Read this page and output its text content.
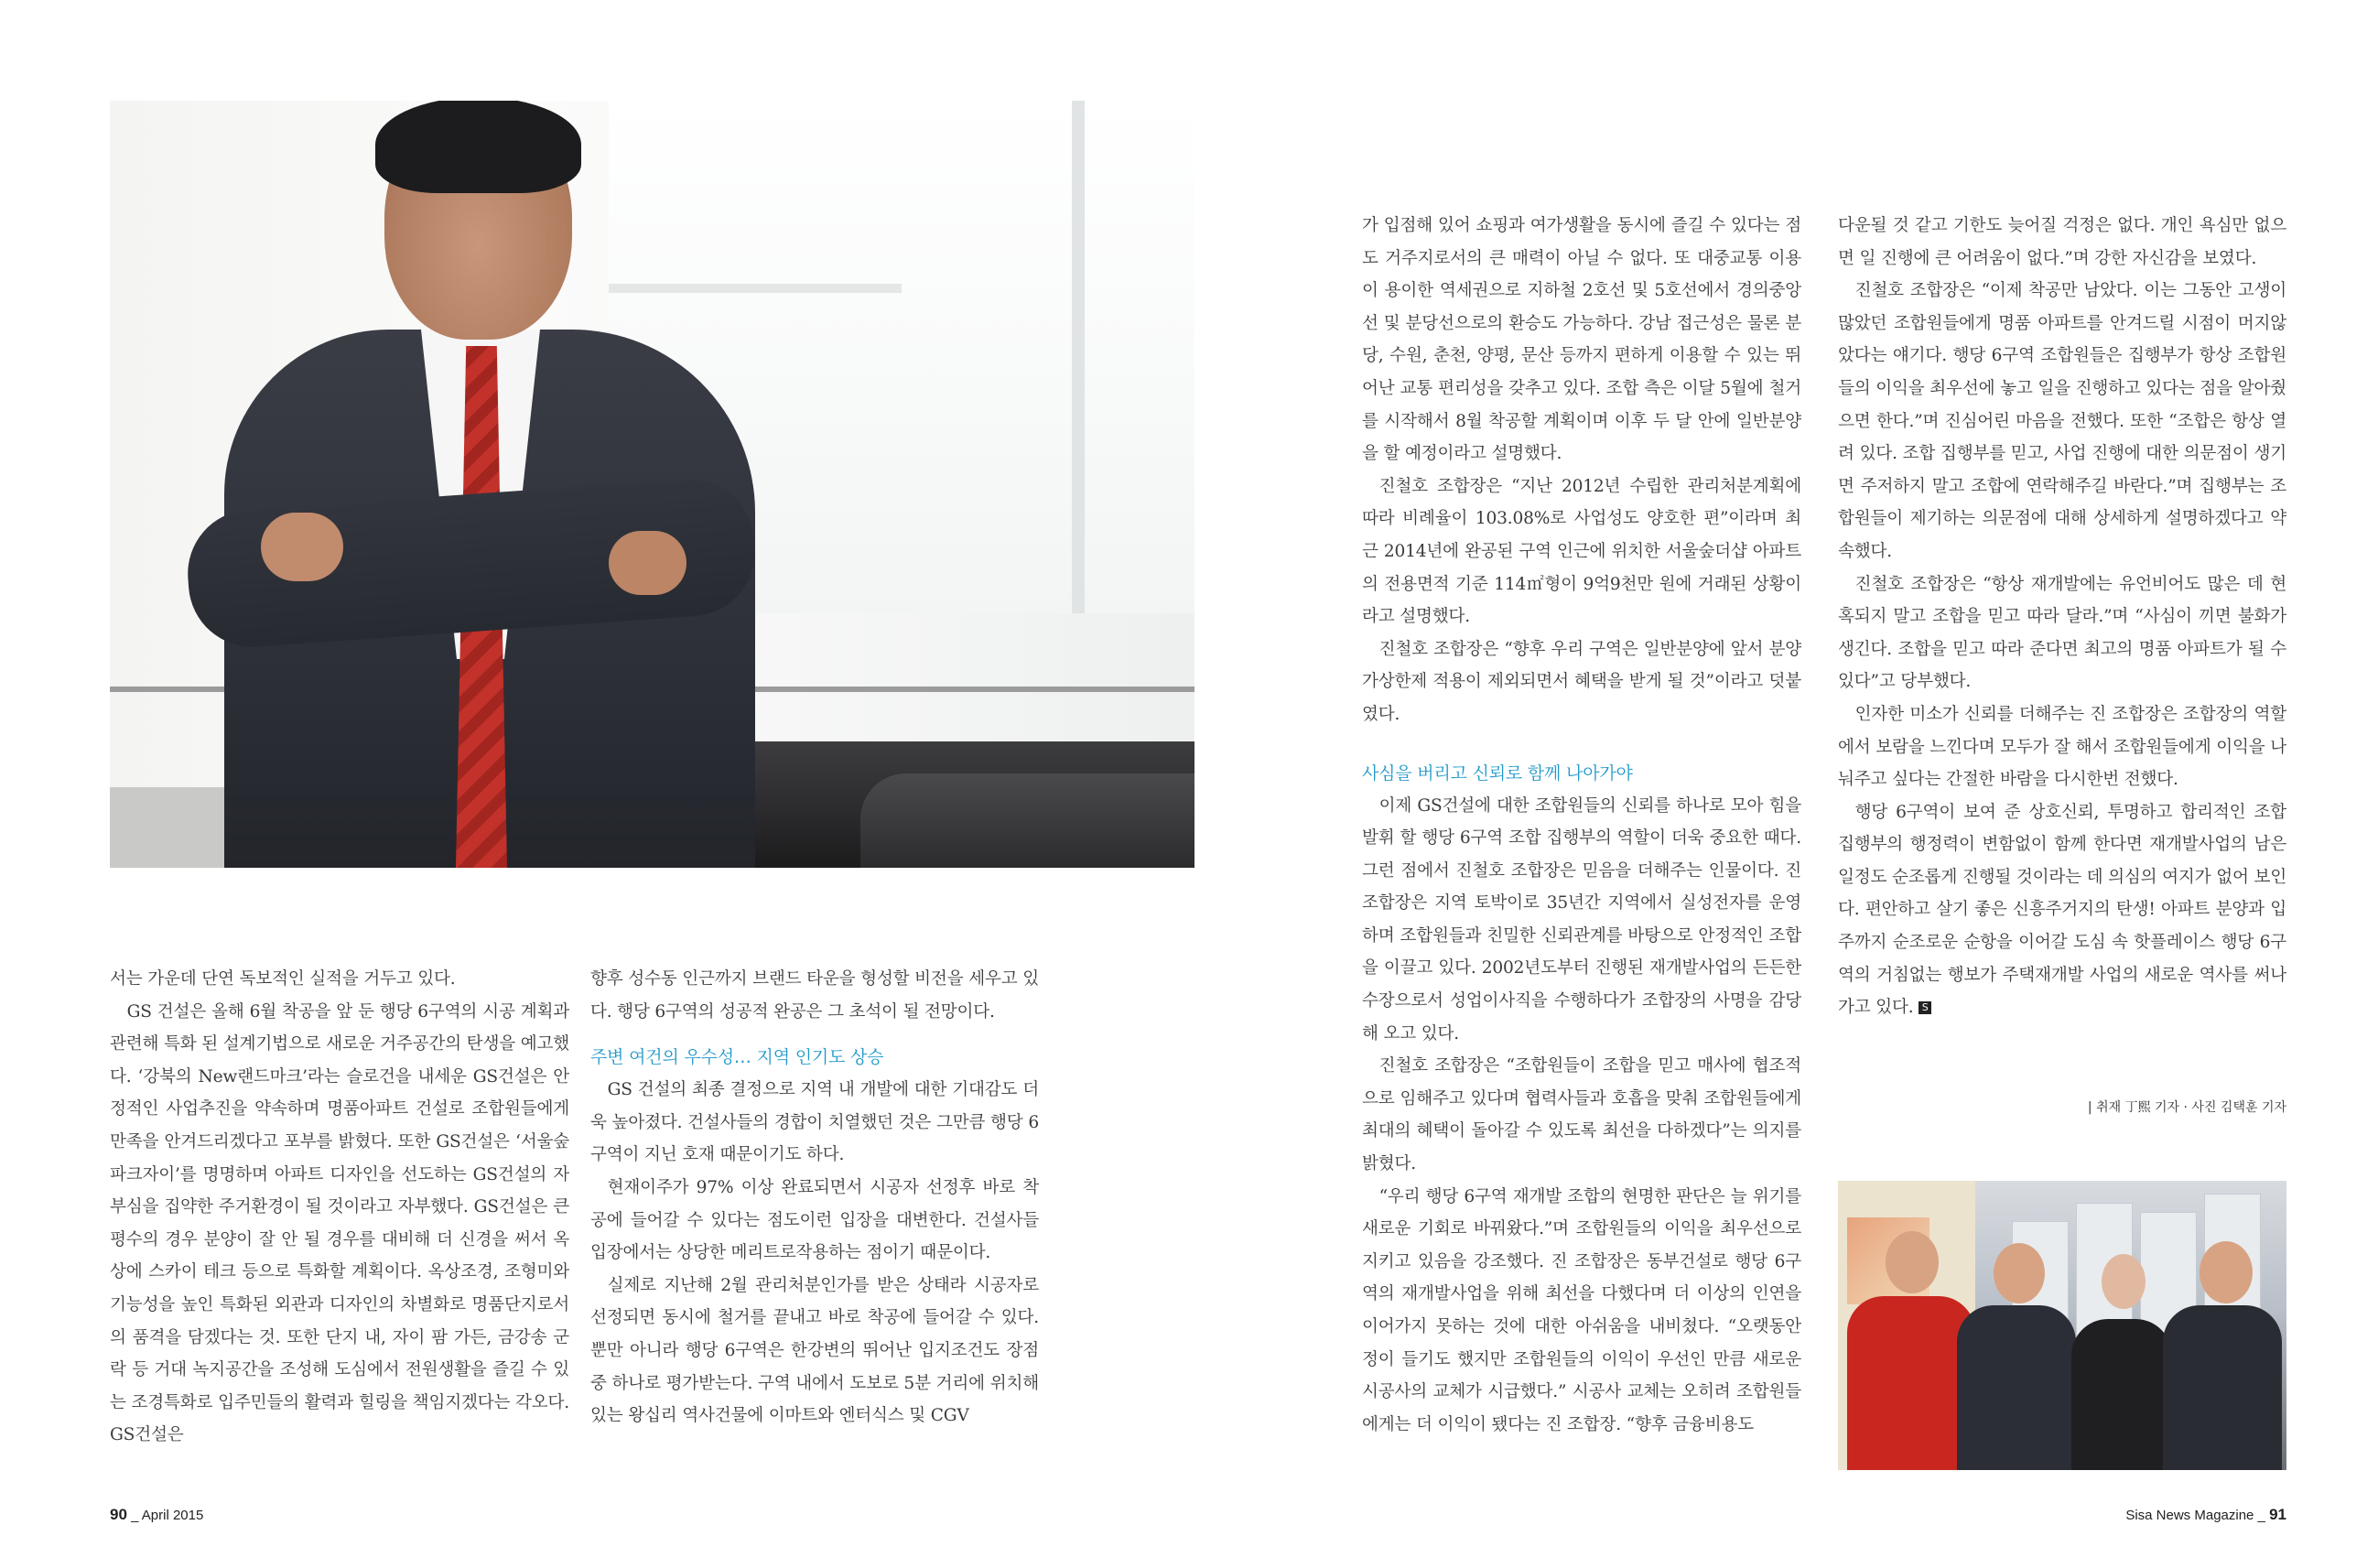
서는 가운데 단연 독보적인 실적을 거두고 있다.

GS 건설은 올해 6월 착공을 앞 둔 행당 6구역의 시공 계획과 관련해 특화 된 설계기법으로 새로운 거주공간의 탄생을 예고했다. ‘강북의 New랜드마크’라는 슬로건을 내세운 GS건설은 안정적인 사업추진을 약속하며 명품아파트 건설로 조합원들에게 만족을 안겨드리겠다고 포부를 밝혔다. 또한 GS건설은 ‘서울숲 파크자이’를 명명하며 아파트 디자인을 선도하는 GS건설의 자부심을 집약한 주거환경이 될 것이라고 자부했다. GS건설은 큰 평수의 경우 분양이 잘 안 될 경우를 대비해 더 신경을 써서 옥상에 스카이 테크 등으로 특화할 계획이다. 옥상조경, 조형미와 기능성을 높인 특화된 외관과 디자인의 차별화로 명품단지로서의 품격을 담겠다는 것. 또한 단지 내, 자이 팜 가든, 금강송 군락 등 거대 녹지공간을 조성해 도심에서 전원생활을 즐길 수 있는 조경특화로 입주민들의 활력과 힐링을 책임지겠다는 각오다. GS건설은

향후 성수동 인근까지 브랜드 타운을 형성할 비전을 세우고 있다. 행당 6구역의 성공적 완공은 그 초석이 될 전망이다.

주변 여건의 우수성… 지역 인기도 상승

GS 건설의 최종 결정으로 지역 내 개발에 대한 기대감도 더욱 높아졌다. 건설사들의 경합이 치열했던 것은 그만큼 행당 6구역이 지닌 호재 때문이기도 하다.

현재이주가 97% 이상 완료되면서 시공자 선정후 바로 착공에 들어갈 수 있다는 점도이런 입장을 대변한다. 건설사들 입장에서는 상당한 메리트로작용하는 점이기 때문이다.

실제로 지난해 2월 관리처분인가를 받은 상태라 시공자로 선정되면 동시에 철거를 끝내고 바로 착공에 들어갈 수 있다. 뿐만 아니라 행당 6구역은 한강변의 뛰어난 입지조건도 장점 중 하나로 평가받는다. 구역 내에서 도보로 5분 거리에 위치해 있는 왕십리 역사건물에 이마트와 엔터식스 및 CGV

가 입점해 있어 쇼핑과 여가생활을 동시에 즐길 수 있다는 점도 거주지로서의 큰 매력이 아닐 수 없다. 또 대중교통 이용이 용이한 역세권으로 지하철 2호선 및 5호선에서 경의중앙선 및 분당선으로의 환승도 가능하다. 강남 접근성은 물론 분당, 수원, 춘천, 양평, 문산 등까지 편하게 이용할 수 있는 뛰어난 교통 편리성을 갖추고 있다. 조합 측은 이달 5월에 철거를 시작해서 8월 착공할 계획이며 이후 두 달 안에 일반분양을 할 예정이라고 설명했다.

진철호 조합장은 “지난 2012년 수립한 관리처분계획에 따라 비례율이 103.08%로 사업성도 양호한 편”이라며 최근 2014년에 완공된 구역 인근에 위치한 서울숲더샵 아파트의 전용면적 기준 114㎡형이 9억9천만 원에 거래된 상황이라고 설명했다.

진철호 조합장은 “향후 우리 구역은 일반분양에 앞서 분양가상한제 적용이 제외되면서 혜택을 받게 될 것”이라고 덧붙였다.

사심을 버리고 신뢰로 함께 나아가야

이제 GS건설에 대한 조합원들의 신뢰를 하나로 모아 힘을 발휘 할 행당 6구역 조합 집행부의 역할이 더욱 중요한 때다. 그런 점에서 진철호 조합장은 믿음을 더해주는 인물이다. 진 조합장은 지역 토박이로 35년간 지역에서 실성전자를 운영하며 조합원들과 친밀한 신뢰관계를 바탕으로 안정적인 조합을 이끌고 있다. 2002년도부터 진행된 재개발사업의 든든한 수장으로서 성업이사직을 수행하다가 조합장의 사명을 감당해 오고 있다.

진철호 조합장은 “조합원들이 조합을 믿고 매사에 협조적으로 임해주고 있다며 협력사들과 호흡을 맞춰 조합원들에게 최대의 혜택이 돌아갈 수 있도록 최선을 다하겠다”는 의지를 밝혔다.

“우리 행당 6구역 재개발 조합의 현명한 판단은 늘 위기를 새로운 기회로 바꿔왔다.”며 조합원들의 이익을 최우선으로 지키고 있음을 강조했다. 진 조합장은 동부건설로 행당 6구역의 재개발사업을 위해 최선을 다했다며 더 이상의 인연을 이어가지 못하는 것에 대한 아쉬움을 내비쳤다. “오랫동안 정이 들기도 했지만 조합원들의 이익이 우선인 만큼 새로운 시공사의 교체가 시급했다.” 시공사 교체는 오히려 조합원들에게는 더 이익이 됐다는 진 조합장. “향후 금융비용도

다운될 것 같고 기한도 늦어질 걱정은 없다. 개인 욕심만 없으면 일 진행에 큰 어려움이 없다.”며 강한 자신감을 보였다.

진철호 조합장은 “이제 착공만 남았다. 이는 그동안 고생이 많았던 조합원들에게 명품 아파트를 안겨드릴 시점이 머지않았다는 얘기다. 행당 6구역 조합원들은 집행부가 항상 조합원들의 이익을 최우선에 놓고 일을 진행하고 있다는 점을 알아줬으면 한다.”며 진심어린 마음을 전했다. 또한 “조합은 항상 열려 있다. 조합 집행부를 믿고, 사업 진행에 대한 의문점이 생기면 주저하지 말고 조합에 연락해주길 바란다.”며 집행부는 조합원들이 제기하는 의문점에 대해 상세하게 설명하겠다고 약속했다.

진철호 조합장은 “항상 재개발에는 유언비어도 많은 데 현혹되지 말고 조합을 믿고 따라 달라.”며 “사심이 끼면 불화가 생긴다. 조합을 믿고 따라 준다면 최고의 명품 아파트가 될 수 있다”고 당부했다.

인자한 미소가 신뢰를 더해주는 진 조합장은 조합장의 역할에서 보람을 느낀다며 모두가 잘 해서 조합원들에게 이익을 나눠주고 싶다는 간절한 바람을 다시한번 전했다.

행당 6구역이 보여 준 상호신뢰, 투명하고 합리적인 조합 집행부의 행정력이 변함없이 함께 한다면 재개발사업의 남은 일정도 순조롭게 진행될 것이라는 데 의심의 여지가 없어 보인다. 편안하고 살기 좋은 신흥주거지의 탄생! 아파트 분양과 입주까지 순조로운 순항을 이어갈 도심 속 핫플레이스 행당 6구역의 거침없는 행보가 주택재개발 사업의 새로운 역사를 써나가고 있다. S

| 취재 丁熙 기자 · 사진 김택훈 기자
90 _ April 2015	Sisa News Magazine _ 91
